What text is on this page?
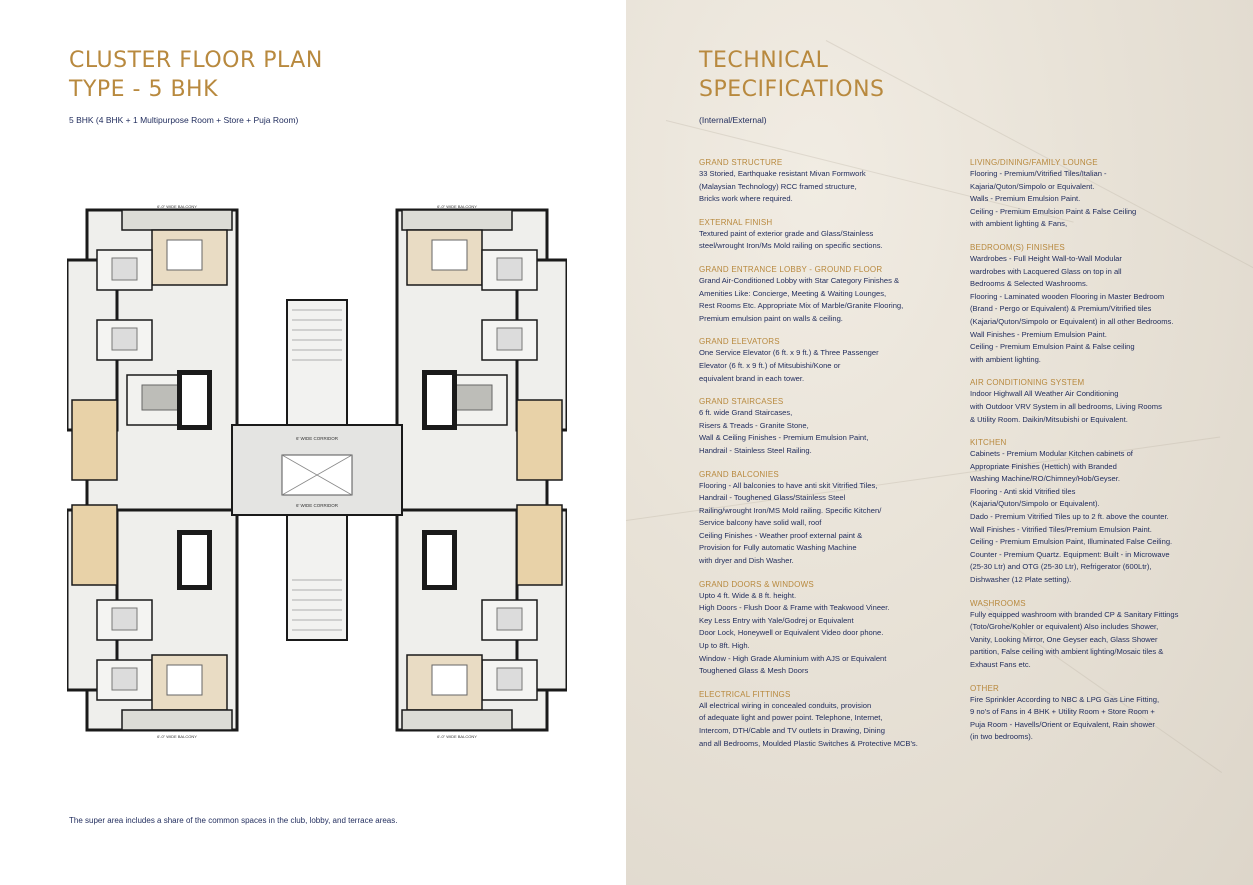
CLUSTER FLOOR PLAN
TYPE - 5 BHK

5 BHK (4 BHK + 1 Multipurpose Room + Store + Puja Room)

6' WIDE CORRIDOR
6' WIDE CORRIDOR
6'-0" WIDE BALCONY	6'-0" WIDE BALCONY
6'-0" WIDE BALCONY	6'-0" WIDE BALCONY

The super area includes a share of the common spaces in the club, lobby, and terrace areas.

TECHNICAL
SPECIFICATIONS

(Internal/External)

GRAND STRUCTURE
33 Storied, Earthquake resistant Mivan Formwork
(Malaysian Technology) RCC framed structure,
Bricks work where required.
EXTERNAL FINISH
Textured paint of exterior grade and Glass/Stainless
steel/wrought Iron/Ms Mold railing on specific sections.
GRAND ENTRANCE LOBBY - GROUND FLOOR
Grand Air-Conditioned Lobby with Star Category Finishes &
Amenities Like: Concierge, Meeting & Waiting Lounges,
Rest Rooms Etc. Appropriate Mix of Marble/Granite Flooring,
Premium emulsion paint on walls & ceiling.
GRAND ELEVATORS
One Service Elevator (6 ft. x 9 ft.) & Three Passenger
Elevator (6 ft. x 9 ft.) of Mitsubishi/Kone or
equivalent brand in each tower.
GRAND STAIRCASES
6 ft. wide Grand Staircases,
Risers & Treads - Granite Stone,
Wall & Ceiling Finishes - Premium Emulsion Paint,
Handrail - Stainless Steel Railing.
GRAND BALCONIES
Flooring - All balconies to have anti skit Vitrified Tiles,
Handrail - Toughened Glass/Stainless Steel
Railing/wrought Iron/MS Mold railing. Specific Kitchen/
Service balcony have solid wall, roof
Ceiling Finishes - Weather proof external paint &
Provision for Fully automatic Washing Machine
with dryer and Dish Washer.
GRAND DOORS & WINDOWS
Upto 4 ft. Wide & 8 ft. height.
High Doors - Flush Door & Frame with Teakwood Vineer.
Key Less Entry with Yale/Godrej or Equivalent
Door Lock, Honeywell or Equivalent Video door phone.
Up to 8ft. High.
Window - High Grade Aluminium with AJS or Equivalent
Toughened Glass & Mesh Doors
ELECTRICAL FITTINGS
All electrical wiring in concealed conduits, provision
of adequate light and power point. Telephone, Internet,
Intercom, DTH/Cable and TV outlets in Drawing, Dining
and all Bedrooms, Moulded Plastic Switches & Protective MCB's.
LIVING/DINING/FAMILY LOUNGE
Flooring - Premium/Vitrified Tiles/Italian -
Kajaria/Quton/Simpolo or Equivalent.
Walls - Premium Emulsion Paint.
Ceiling - Premium Emulsion Paint & False Ceiling
with ambient lighting & Fans,
BEDROOM(S) FINISHES
Wardrobes - Full Height Wall-to-Wall Modular
wardrobes with Lacquered Glass on top in all
Bedrooms & Selected Washrooms.
Flooring - Laminated wooden Flooring in Master Bedroom
(Brand - Pergo or Equivalent) & Premium/Vitrified tiles
(Kajaria/Quton/Simpolo or Equivalent) in all other Bedrooms.
Wall Finishes - Premium Emulsion Paint.
Ceiling - Premium Emulsion Paint & False ceiling
with ambient lighting.
AIR CONDITIONING SYSTEM
Indoor Highwall All Weather Air Conditioning
with Outdoor VRV System in all bedrooms, Living Rooms
& Utility Room. Daikin/Mitsubishi or Equivalent.
KITCHEN
Cabinets - Premium Modular Kitchen cabinets of
Appropriate Finishes (Hettich) with Branded
Washing Machine/RO/Chimney/Hob/Geyser.
Flooring - Anti skid Vitrified tiles
(Kajaria/Quton/Simpolo or Equivalent).
Dado - Premium Vitrified Tiles up to 2 ft. above the counter.
Wall Finishes - Vitrified Tiles/Premium Emulsion Paint.
Ceiling - Premium Emulsion Paint, Illuminated False Ceiling.
Counter - Premium Quartz. Equipment: Built - in Microwave
(25-30 Ltr) and OTG (25-30 Ltr), Refrigerator (600Ltr),
Dishwasher (12 Plate setting).
WASHROOMS
Fully equipped washroom with branded CP & Sanitary Fittings
(Toto/Grohe/Kohler or equivalent) Also includes Shower,
Vanity, Looking Mirror, One Geyser each, Glass Shower
partition, False ceiling with ambient lighting/Mosaic tiles &
Exhaust Fans etc.
OTHER
Fire Sprinkler According to NBC & LPG Gas Line Fitting,
9 no's of Fans in 4 BHK + Utility Room + Store Room +
Puja Room - Havells/Orient or Equivalent, Rain shower
(in two bedrooms).
